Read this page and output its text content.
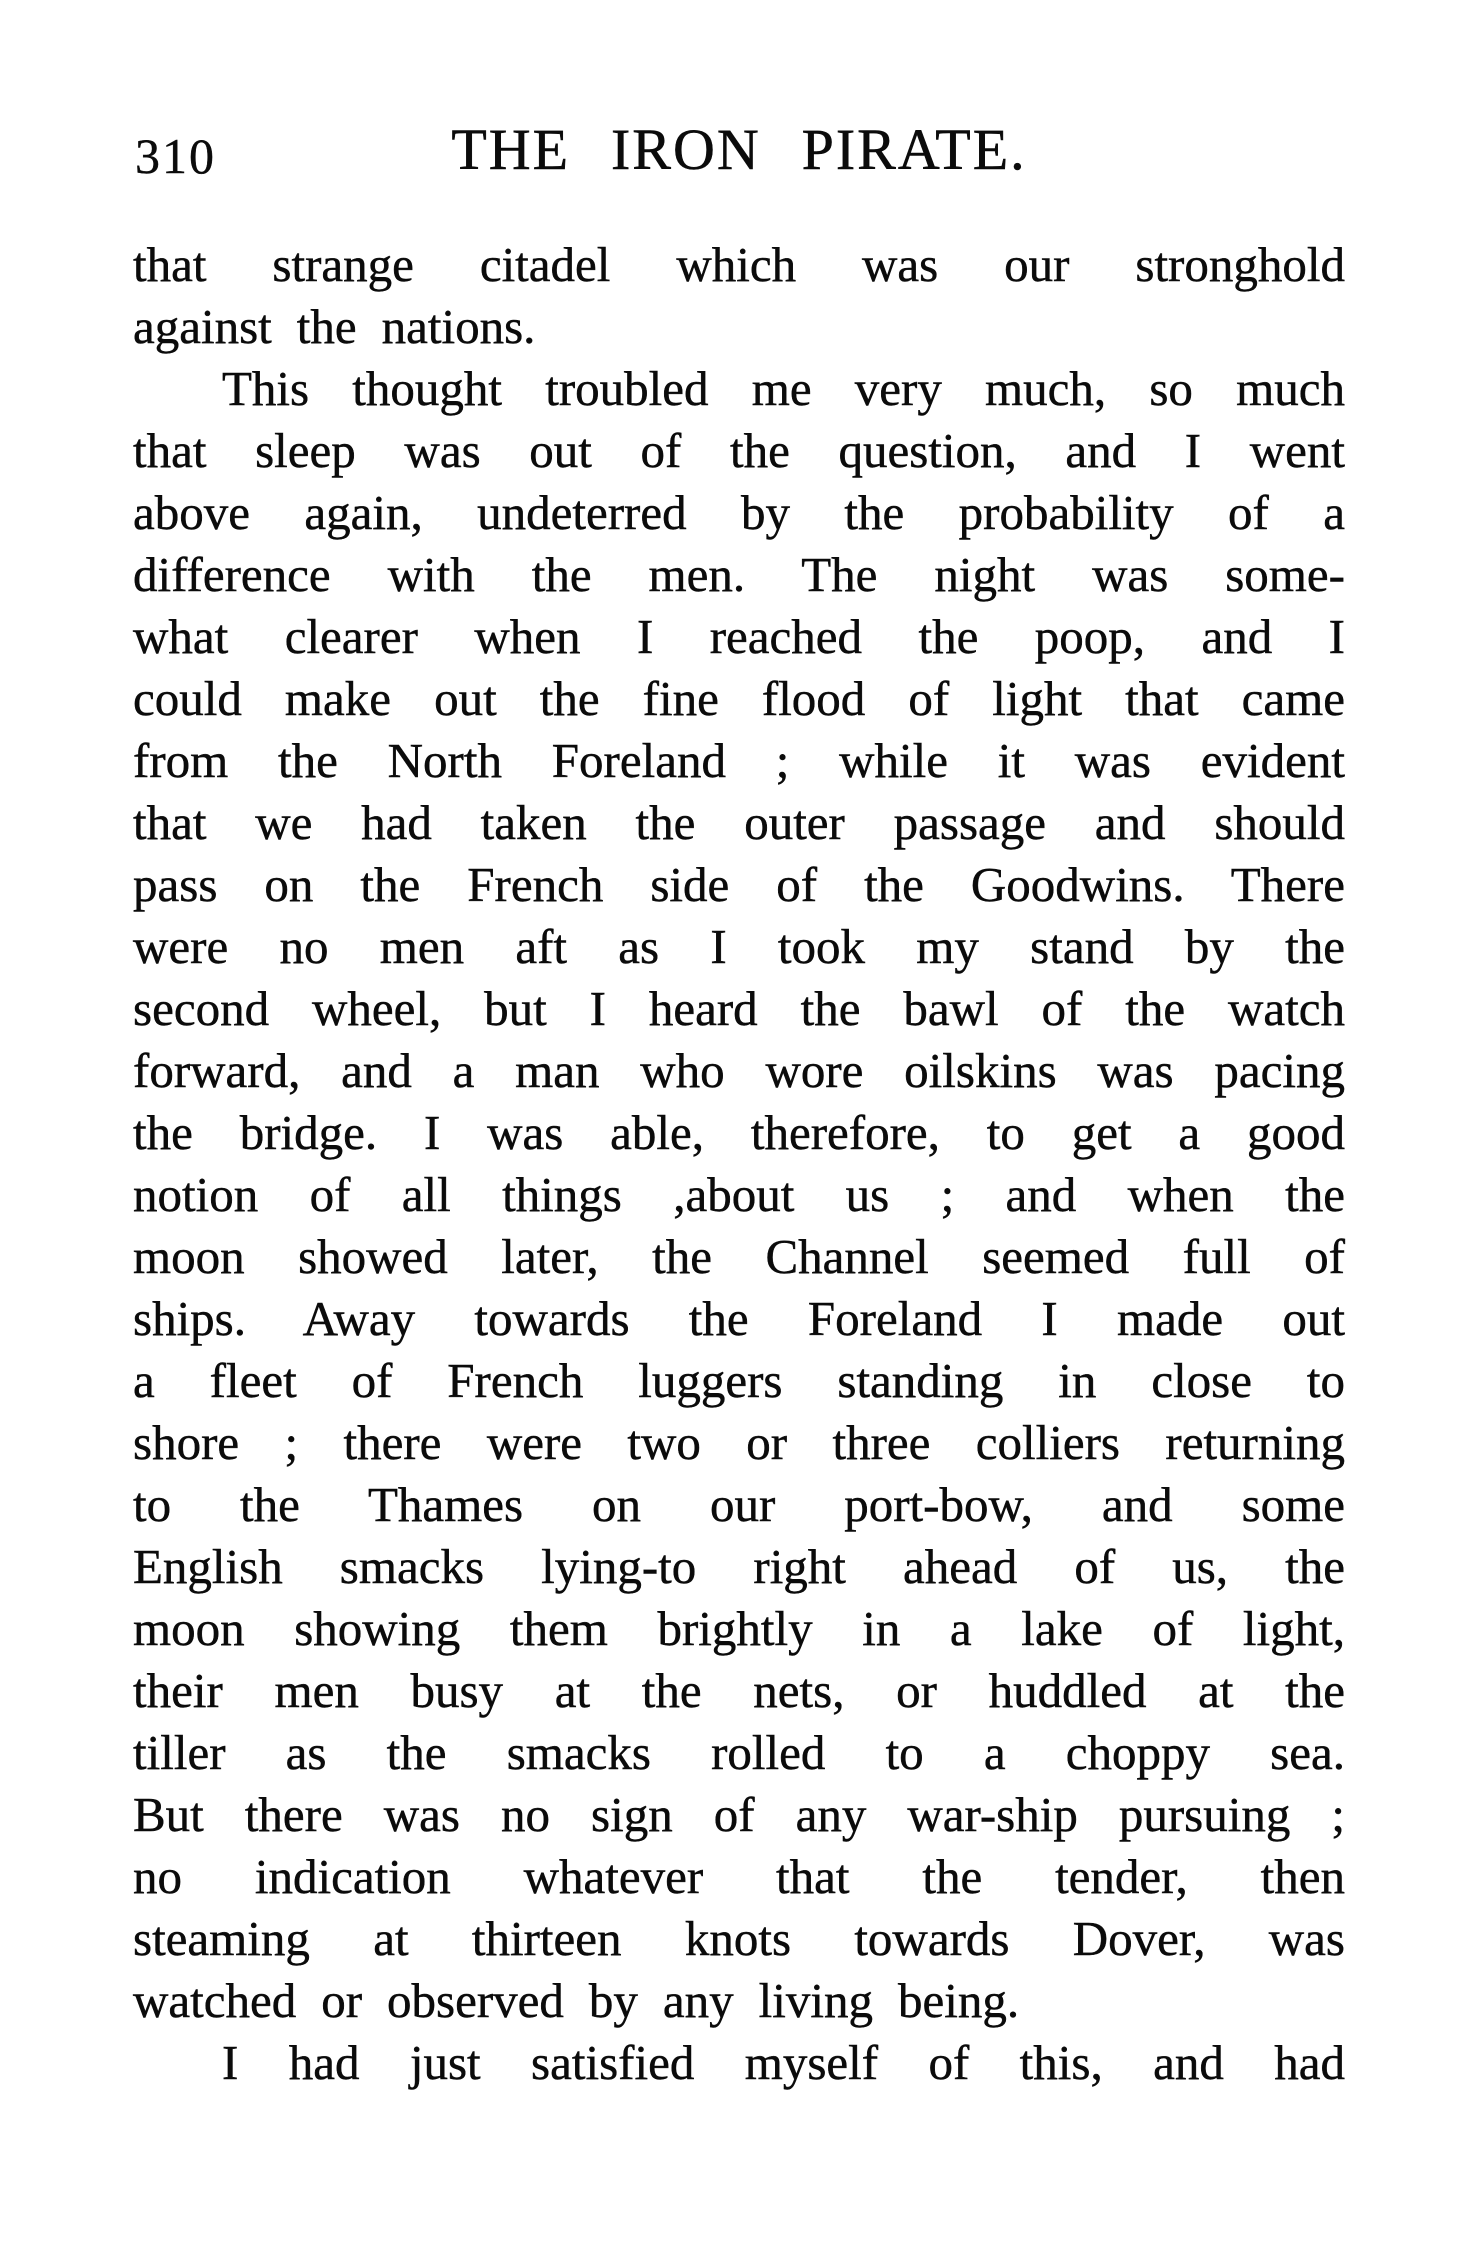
310	THE IRON PIRATE.
that strange citadel which was our stronghold
against the nations.
This thought troubled me very much, so much
that sleep was out of the question, and I went
above again, undeterred by the probability of a
difference with the men. The night was some-
what clearer when I reached the poop, and I
could make out the fine flood of light that came
from the North Foreland ; while it was evident
that we had taken the outer passage and should
pass on the French side of the Goodwins. There
were no men aft as I took my stand by the
second wheel, but I heard the bawl of the watch
forward, and a man who wore oilskins was pacing
the bridge. I was able, therefore, to get a good
notion of all things ,about us ; and when the
moon showed later, the Channel seemed full of
ships. Away towards the Foreland I made out
a fleet of French luggers standing in close to
shore ; there were two or three colliers returning
to the Thames on our port-bow, and some
English smacks lying-to right ahead of us, the
moon showing them brightly in a lake of light,
their men busy at the nets, or huddled at the
tiller as the smacks rolled to a choppy sea.
But there was no sign of any war-ship pursuing ;
no indication whatever that the tender, then
steaming at thirteen knots towards Dover, was
watched or observed by any living being.
I had just satisfied myself of this, and had
